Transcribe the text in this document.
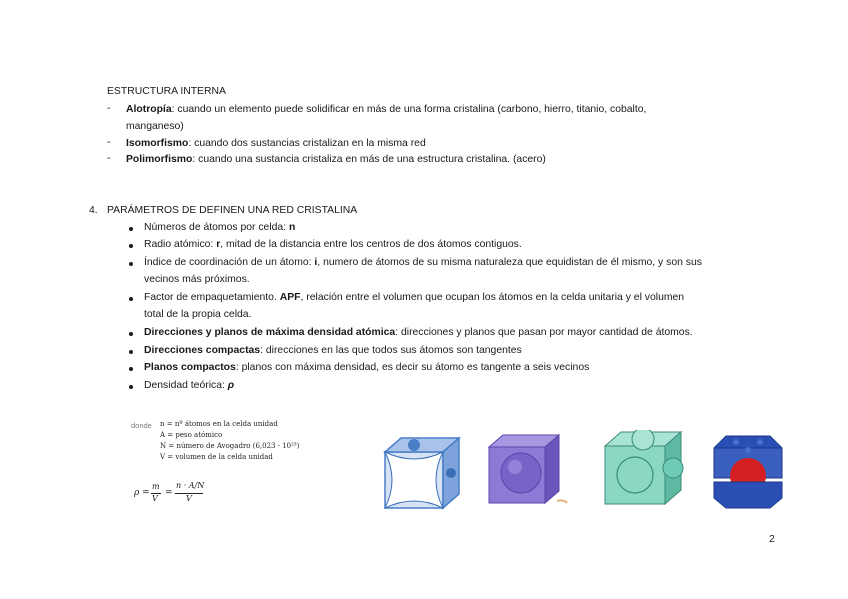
ESTRUCTURA INTERNA
- Alotropía: cuando un elemento puede solidificar en más de una forma cristalina (carbono, hierro, titanio, cobalto,
manganeso)
- Isomorfismo: cuando dos sustancias cristalizan en la misma red
- Polimorfismo: cuando una sustancia cristaliza en más de una estructura cristalina. (acero)
4. PARÁMETROS DE DEFINEN UNA RED CRISTALINA
Números de átomos por celda: n
Radio atómico: r, mitad de la distancia entre los centros de dos átomos contiguos.
Índice de coordinación de un átomo: i, numero de átomos de su misma naturaleza que equidistan de él mismo, y son sus
vecinos más próximos.
Factor de empaquetamiento. APF, relación entre el volumen que ocupan los átomos en la celda unitaria y el volumen
total de la propia celda.
Direcciones y planos de máxima densidad atómica: direcciones y planos que pasan por mayor cantidad de átomos.
Direcciones compactas: direcciones en las que todos sus átomos son tangentes
Planos compactos: planos con máxima densidad, es decir su átomo es tangente a seis vecinos
Densidad teórica: ρ
donde n = nº átomos en la celda unidad
A = peso atómico
N = número de Avogadro (6,023 · 10²³)
V = volumen de la celda unidad
ρ =
m
V
=
n · A/N
V
2
